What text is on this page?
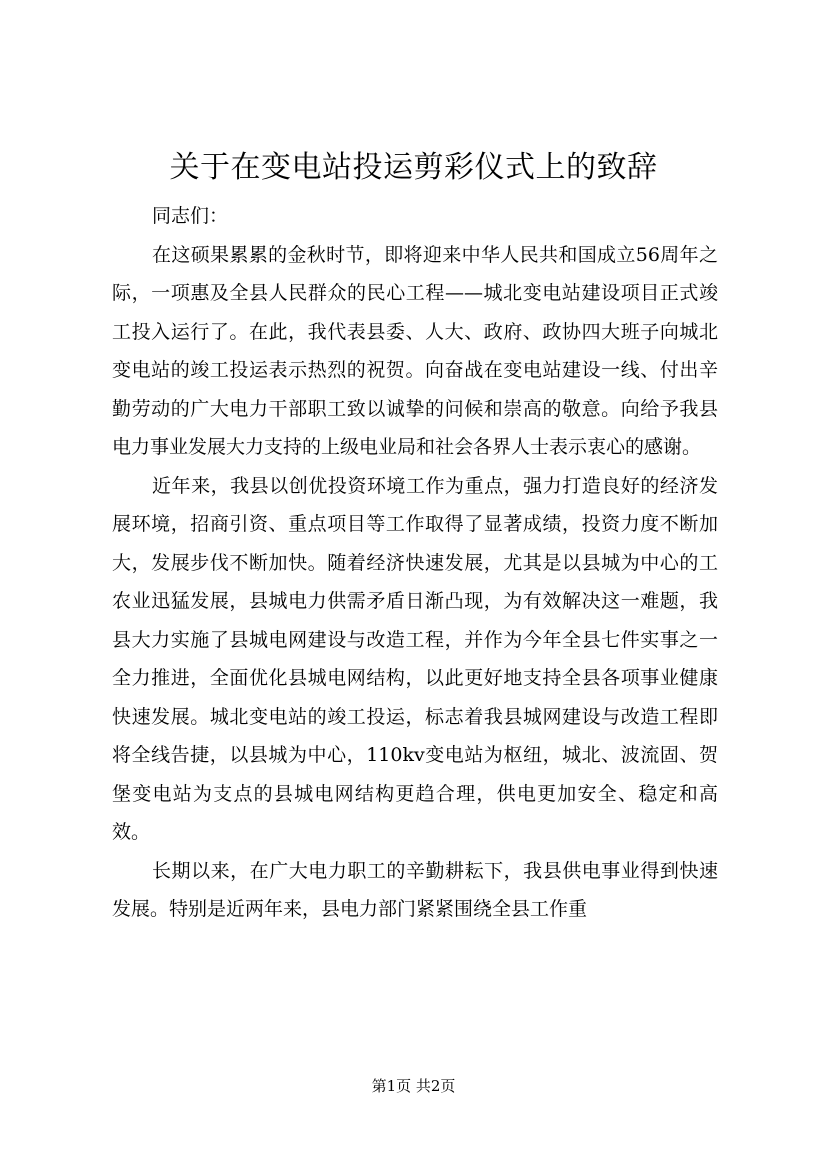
关于在变电站投运剪彩仪式上的致辞

同志们：

在这硕果累累的金秋时节，即将迎来中华人民共和国成立56周年之际，一项惠及全县人民群众的民心工程——城北变电站建设项目正式竣工投入运行了。在此，我代表县委、人大、政府、政协四大班子向城北变电站的竣工投运表示热烈的祝贺。向奋战在变电站建设一线、付出辛勤劳动的广大电力干部职工致以诚挚的问候和崇高的敬意。向给予我县电力事业发展大力支持的上级电业局和社会各界人士表示衷心的感谢。

近年来，我县以创优投资环境工作为重点，强力打造良好的经济发展环境，招商引资、重点项目等工作取得了显著成绩，投资力度不断加大，发展步伐不断加快。随着经济快速发展，尤其是以县城为中心的工农业迅猛发展，县城电力供需矛盾日渐凸现，为有效解决这一难题，我县大力实施了县城电网建设与改造工程，并作为今年全县七件实事之一全力推进，全面优化县城电网结构，以此更好地支持全县各项事业健康快速发展。城北变电站的竣工投运，标志着我县城网建设与改造工程即将全线告捷，以县城为中心，110kv变电站为枢纽，城北、波流固、贺堡变电站为支点的县城电网结构更趋合理，供电更加安全、稳定和高效。

长期以来，在广大电力职工的辛勤耕耘下，我县供电事业得到快速发展。特别是近两年来，县电力部门紧紧围绕全县工作重

第1页 共2页
